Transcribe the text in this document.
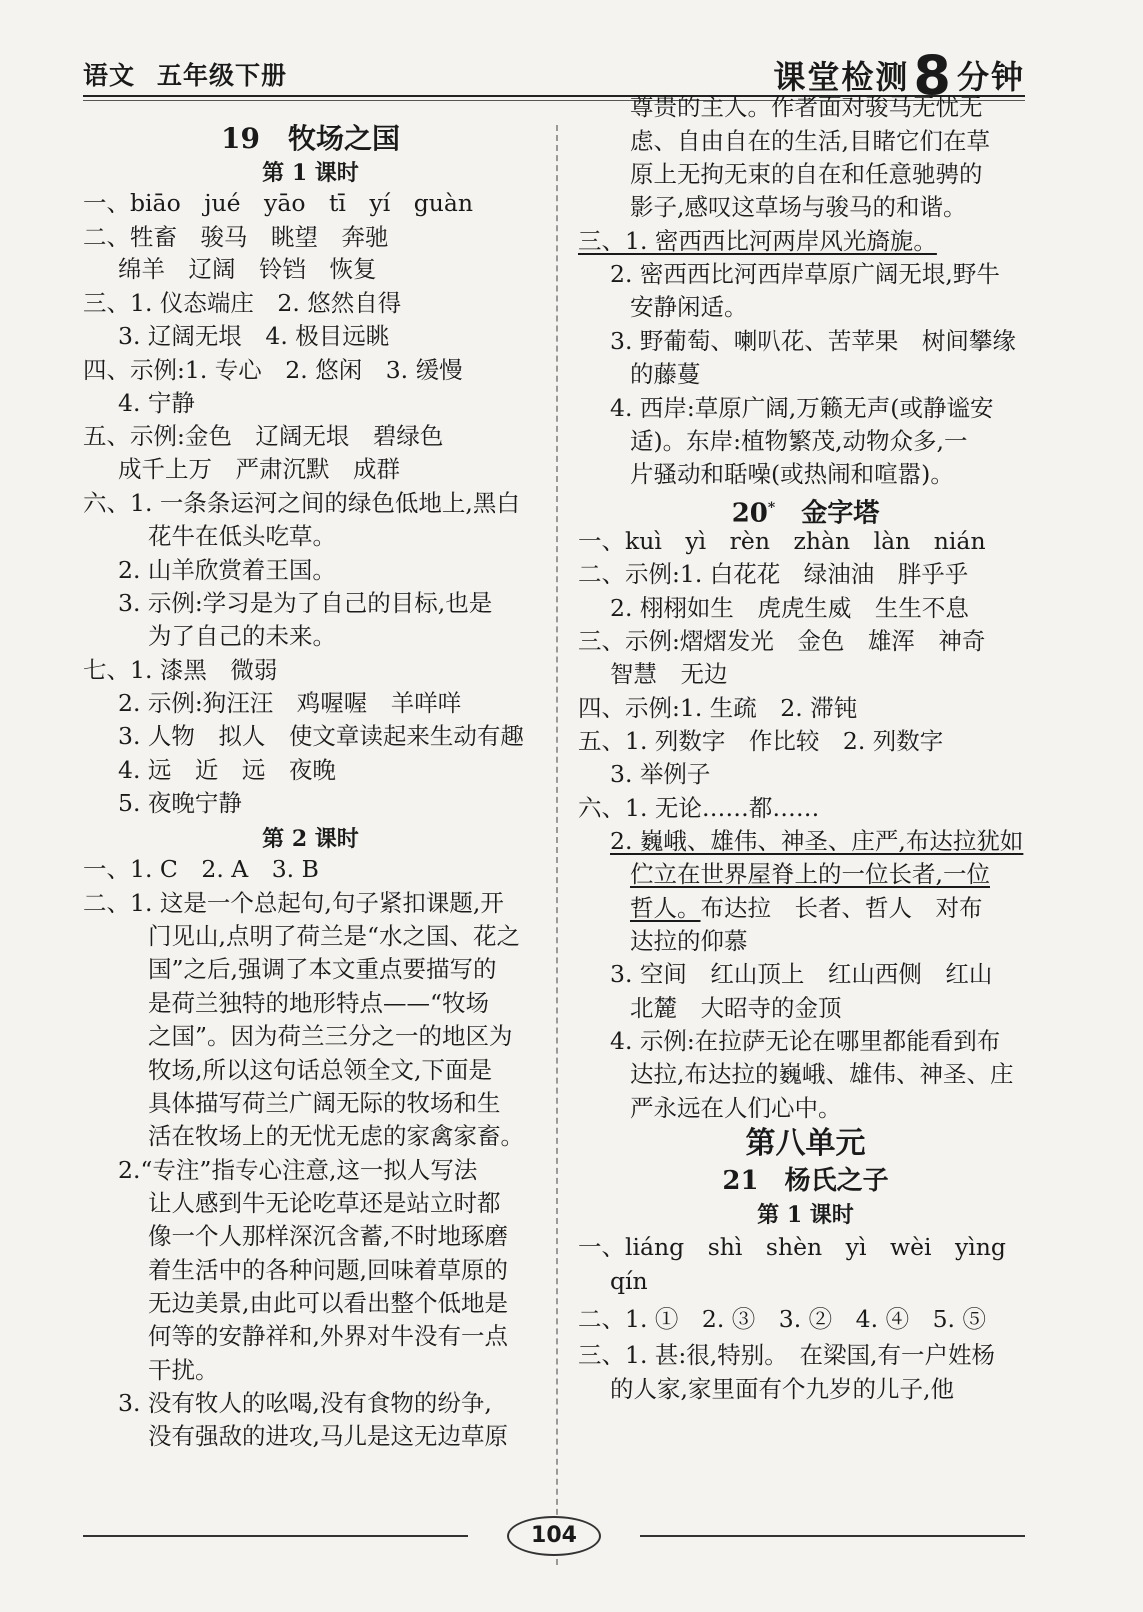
语文 五年级下册	课堂检测8 分钟
19　牧场之国
第 1 课时
一、biāo　jué　yāo　tī　yí　guàn
二、牲畜　骏马　眺望　奔驰
绵羊　辽阔　铃铛　恢复
三、1. 仪态端庄　2. 悠然自得
3. 辽阔无垠　4. 极目远眺
四、示例:1. 专心　2. 悠闲　3. 缓慢
4. 宁静
五、示例:金色　辽阔无垠　碧绿色
成千上万　严肃沉默　成群
六、1. 一条条运河之间的绿色低地上,黑白
花牛在低头吃草。
2. 山羊欣赏着王国。
3. 示例:学习是为了自己的目标,也是
为了自己的未来。
七、1. 漆黑　微弱
2. 示例:狗汪汪　鸡喔喔　羊咩咩
3. 人物　拟人　使文章读起来生动有趣
4. 远　近　远　夜晚
5. 夜晚宁静
第 2 课时
一、1. C　2. A　3. B
二、1. 这是一个总起句,句子紧扣课题,开
门见山,点明了荷兰是“水之国、花之
国”之后,强调了本文重点要描写的
是荷兰独特的地形特点——“牧场
之国”。因为荷兰三分之一的地区为
牧场,所以这句话总领全文,下面是
具体描写荷兰广阔无际的牧场和生
活在牧场上的无忧无虑的家禽家畜。
2.“专注”指专心注意,这一拟人写法
让人感到牛无论吃草还是站立时都
像一个人那样深沉含蓄,不时地琢磨
着生活中的各种问题,回味着草原的
无边美景,由此可以看出整个低地是
何等的安静祥和,外界对牛没有一点
干扰。
3. 没有牧人的吆喝,没有食物的纷争,
没有强敌的进攻,马儿是这无边草原
尊贵的主人。作者面对骏马无忧无
虑、自由自在的生活,目睹它们在草
原上无拘无束的自在和任意驰骋的
影子,感叹这草场与骏马的和谐。
三、1. 密西西比河两岸风光旖旎。
2. 密西西比河西岸草原广阔无垠,野牛
安静闲适。
3. 野葡萄、喇叭花、苦苹果　树间攀缘
的藤蔓
4. 西岸:草原广阔,万籁无声(或静谧安
适)。东岸:植物繁茂,动物众多,一
片骚动和聒噪(或热闹和喧嚣)。
20*　 金字塔
一、kuì　yì　rèn　zhàn　làn　nián
二、示例:1. 白花花　绿油油　胖乎乎
2. 栩栩如生　虎虎生威　生生不息
三、示例:熠熠发光　金色　雄浑　神奇
智慧　无边
四、示例:1. 生疏　2. 滞钝
五、1. 列数字　作比较　2. 列数字
3. 举例子
六、1. 无论……都……
2. 巍峨、雄伟、神圣、庄严,布达拉犹如
伫立在世界屋脊上的一位长者,一位
哲人。布达拉　长者、哲人　对布
达拉的仰慕
3. 空间　红山顶上　红山西侧　红山
北麓　大昭寺的金顶
4. 示例:在拉萨无论在哪里都能看到布
达拉,布达拉的巍峨、雄伟、神圣、庄
严永远在人们心中。
第八单元
21　杨氏之子
第 1 课时
一、liáng　shì　shèn　yì　wèi　yìng
qín
二、1. ①　2. ③　3. ②　4. ④　5. ⑤
三、1. 甚:很,特别。　在梁国,有一户姓杨
的人家,家里面有个九岁的儿子,他
104
